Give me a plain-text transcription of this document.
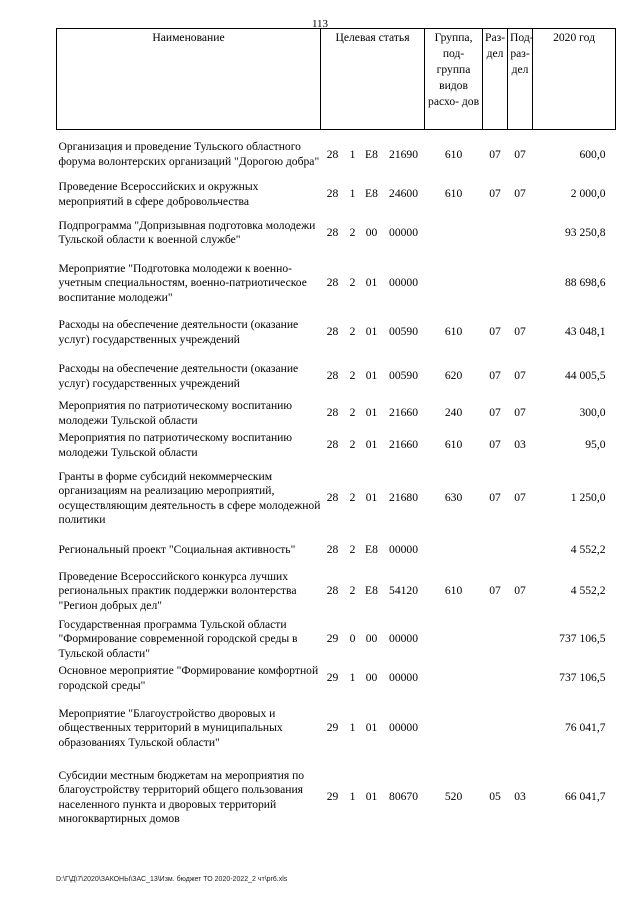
113
Наименование	Целевая статья				Группа, под- группа видов расхо- дов	Раз- дел	Под- раз- дел	2020 год
Организация и проведение Тульского областного форума волонтерских организаций "Дорогою добра"	28	1	E8	21690	610	07	07	600,0
Проведение Всероссийских и окружных мероприятий в сфере добровольчества	28	1	E8	24600	610	07	07	2 000,0
Подпрограмма "Допризывная подготовка молодежи Тульской области к военной службе"	28	2	00	00000				93 250,8
Мероприятие "Подготовка молодежи к военно-учетным специальностям, военно-патриотическое воспитание молодежи"	28	2	01	00000				88 698,6
Расходы на обеспечение деятельности (оказание услуг) государственных учреждений	28	2	01	00590	610	07	07	43 048,1
Расходы на обеспечение деятельности (оказание услуг) государственных учреждений	28	2	01	00590	620	07	07	44 005,5
Мероприятия по патриотическому воспитанию молодежи Тульской области	28	2	01	21660	240	07	07	300,0
Мероприятия по патриотическому воспитанию молодежи Тульской области	28	2	01	21660	610	07	03	95,0
Гранты в форме субсидий некоммерческим организациям на реализацию мероприятий, осуществляющим деятельность в сфере молодежной политики	28	2	01	21680	630	07	07	1 250,0
Региональный проект "Социальная активность"	28	2	E8	00000				4 552,2
Проведение Всероссийского конкурса лучших региональных практик поддержки волонтерства "Регион добрых дел"	28	2	E8	54120	610	07	07	4 552,2
Государственная программа Тульской области "Формирование современной городской среды в Тульской области"	29	0	00	00000				737 106,5
Основное мероприятие "Формирование комфортной городской среды"	29	1	00	00000				737 106,5
Мероприятие "Благоустройство дворовых и общественных территорий в муниципальных образованиях Тульской области"	29	1	01	00000				76 041,7
Субсидии местным бюджетам на мероприятия по благоустройству территорий общего пользования населенного пункта и дворовых территорий многоквартирных домов	29	1	01	80670	520	05	03	66 041,7
D:\Г\Д\7\2020\ЗАКОНЫ\ЗАС_13\Изм. бюджет ТО 2020-2022_2 чт\pr6.xls
